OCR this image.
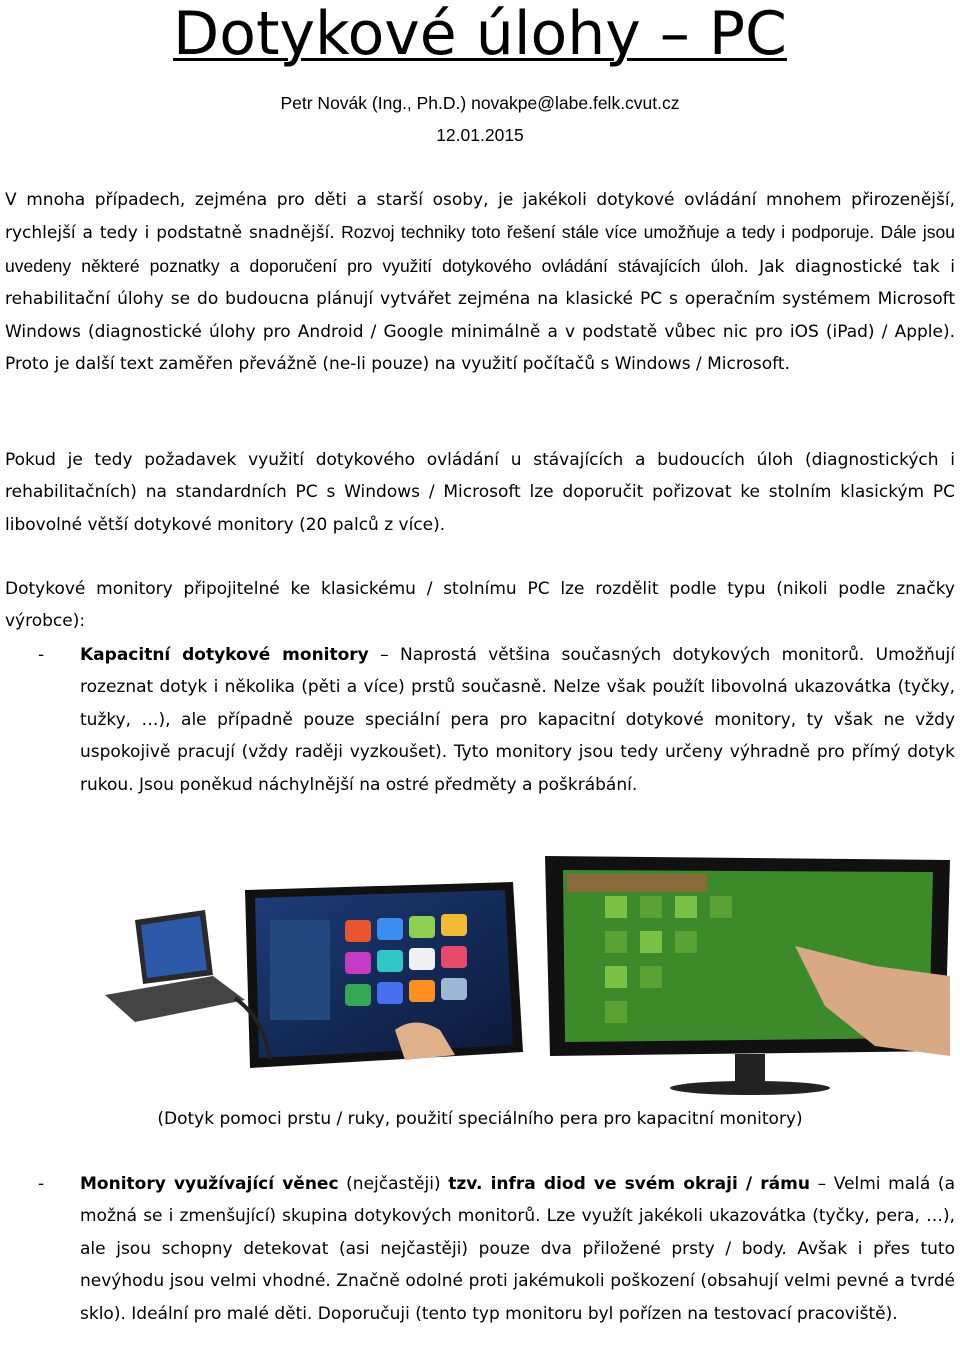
Dotykové úlohy – PC
Petr Novák (Ing., Ph.D.) novakpe@labe.felk.cvut.cz
12.01.2015

V mnoha případech, zejména pro děti a starší osoby, je jakékoli dotykové ovládání mnohem přirozenější, rychlejší a tedy i podstatně snadnější. Rozvoj techniky toto řešení stále více umožňuje a tedy i podporuje. Dále jsou uvedeny některé poznatky a doporučení pro využití dotykového ovládání stávajících úloh. Jak diagnostické tak i rehabilitační úlohy se do budoucna plánují vytvářet zejména na klasické PC s operačním systémem Microsoft Windows (diagnostické úlohy pro Android / Google minimálně a v podstatě vůbec nic pro iOS (iPad) / Apple). Proto je další text zaměřen převážně (ne-li pouze) na využití počítačů s Windows / Microsoft.

Pokud je tedy požadavek využití dotykového ovládání u stávajících a budoucích úloh (diagnostických i rehabilitačních) na standardních PC s Windows / Microsoft lze doporučit pořizovat ke stolním klasickým PC libovolné větší dotykové monitory (20 palců z více).

Dotykové monitory připojitelné ke klasickému / stolnímu PC lze rozdělit podle typu (nikoli podle značky výrobce):

- Kapacitní dotykové monitory – Naprostá většina současných dotykových monitorů. Umožňují rozeznat dotyk i několika (pěti a více) prstů současně. Nelze však použít libovolná ukazovátka (tyčky, tužky, …), ale případně pouze speciální pera pro kapacitní dotykové monitory, ty však ne vždy uspokojivě pracují (vždy raději vyzkoušet). Tyto monitory jsou tedy určeny výhradně pro přímý dotyk rukou. Jsou poněkud náchylnější na ostré předměty a poškrábání.
(Dotyk pomoci prstu / ruky, použití speciálního pera pro kapacitní monitory)
- Monitory využívající věnec (nejčastěji) tzv. infra diod ve svém okraji / rámu – Velmi malá (a možná se i zmenšující) skupina dotykových monitorů. Lze využít jakékoli ukazovátka (tyčky, pera, …), ale jsou schopny detekovat (asi nejčastěji) pouze dva přiložené prsty / body. Avšak i přes tuto nevýhodu jsou velmi vhodné. Značně odolné proti jakémukoli poškození (obsahují velmi pevné a tvrdé sklo). Ideální pro malé děti. Doporučuji (tento typ monitoru byl pořízen na testovací pracoviště).
